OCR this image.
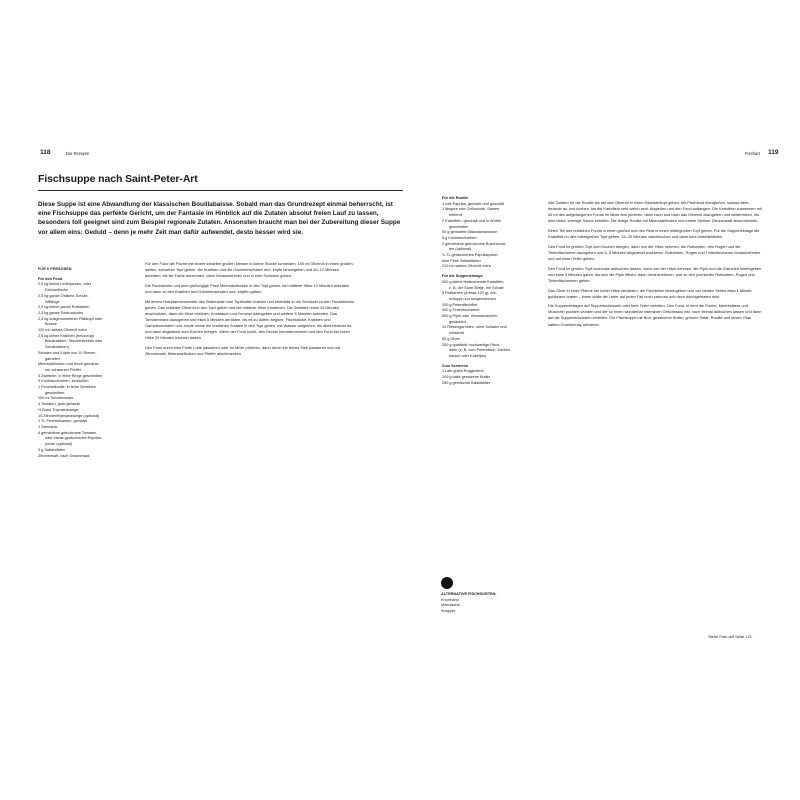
118	Die Rezepte	Fischart 119
Fischsuppe nach Saint-Peter-Art
Diese Suppe ist eine Abwandlung der klassischen Bouillabaisse. Sobald man das Grundrezept einmal beherrscht, ist eine Fischsuppe das perfekte Gericht, um der Fantasie im Hinblick auf die Zutaten absolut freien Lauf zu lassen, besonders toll geeignet sind zum Beispiel regionale Zutaten. Ansonsten braucht man bei der Zubereitung dieser Suppe vor allem eins: Geduld – denn je mehr Zeit man dafür aufwendet, desto besser wird sie.
FÜR 6 PERSONEN
Für den Fond
2,5 kg kleine Lederjacken- oder
Drückerfische
2,5 kg ganze Östliche-Schule-
Wittlinge
2,5 kg kleine ganze Rotbarben
2,5 kg ganze Seekuckucks
2,5 kg ausgenommener Plattkopf oder
Brasse
120 ml natives Olivenöl extra
2,5 kg kleine Krabben (bevorzugt
Blaukrabben, Taschenkrebse oder
Sandkrabben)
Schalen und Köpfe von 10 Riesen-
garnelen
Meersalzflocken und frisch gemahle-
ner schwarzer Pfeffer
3 Zwiebeln, in feine Ringe geschnitten
3 Knoblauchzehen, zerstoßen
1 Fenchelknolle, in feine Scheiben
geschnitten
100 ml Tomatenmark
4 Tomaten, grob gehackt
½ Bund Thymianzweige
10 Zitronenthymianzweige (optional)
1 TL Fenchelsamen, geröstet
1 Sternanis
4 gemahlene getrocknete Tomaten
oder etwas geräuchertes Paprika-
pulver (optional)
3 g Safranfäden
Zitronensaft, nach Geschmack

Für den Fond die Fische mit einem scharfen großen Messer in kleine Stücke schneiden. 100 ml Olivenöl in einen großen, weiten, schweren Topf geben, die Krabben und die Garnelenschalen und -köpfe hineingeben und 10–12 Minuten anbraten, bis sie Farbe annehmen, dann herausnehmen und in eine Schüssel geben.

Die Fischstücke und eine großzügige Prise Meersalzflocken in den Topf geben, bei mittlerer Hitze 10 Minuten anbraten und dann zu den Krabben und Garnelenschalen und -köpfen geben.

Mit einem Holzpfannenwender den Bratensatz vom Topfboden kratzen und ebenfalls in die Schüssel zu den Fischstücken geben. Das restliche Olivenöl in den Topf geben und bei mittlerer Hitze erwärmen. Die Zwiebeln etwa 10 Minuten anschwitzen, dann die Hitze erhöhen, Knoblauch und Fenchel dazugeben und weitere 5 Minuten anbraten. Das Tomatenmark dazugeben und etwa 5 Minuten anrösten, bis es zu duften beginnt. Fischstücke, Krabben und Garnelenschalen und -köpfe sowie die restlichen Zutaten in den Topf geben, mit Wasser aufgießen, bis alles bedeckt ist, und dann abgedeckt zum Kochen bringen. Wenn der Fond kocht, den Deckel herunternehmen und den Fond bei hoher Hitze 20 Minuten köcheln lassen.

Den Fond durch eine Flotte Lotte passieren oder im Mixer pürieren, dann durch ein feines Sieb passieren und mit Zitronensaft, Meersalzflocken und Pfeffer abschmecken.

Für die Rouille
1 rote Paprika, geröstet und geschält
1 längere rote Chilischote, Samen
entfernt
2 Kartoffeln, geschält und in Würfel
geschnitten
50 g geröstete Makadamianüsse
5 g Knoblauchzehen
2 gemahlene getrocknete Buschtoma-
ten (optional)
¼ TL geräuchertes Paprikapulver
eine Prise Safranfäden
210 ml natives Olivenöl extra
Für die Suppeneinlage
500 g kleine festkochende Kartoffeln,
z. B. der Sorte Bintje, mit Schale
5 Rotbarben (à etwa 120 g), ent-
schuppt und ausgenommen
200 g Petersfischfilet
400 g Tintenfischarme
500 g Pipis oder Venusmuscheln,
gesäubert
10 Riesengarnelen, ohne Schalen und
entdarmt
50 g Ghee
250 g qualitativ hochwertige Fisch-
leber (z. B. vom Petersfisch, Zacken-
barsch oder Kabeljau)
Zum Servieren
1 Laib gutes Roggenbrot
100 g kalte gesalzene Butter
250 g gemischte Salatblätter

Alle Zutaten für die Rouille bis auf das Olivenöl in einen Edelstahltopf geben, mit Fischfond übergießen, sodass alles bedeckt ist, und kochen, bis die Kartoffeln sehr weich sind. Abgießen und den Fond auffangen. Die Kartoffeln zusammen mit 40 ml des aufgefangenen Fonds im Mixer fein pürieren, dann nach und nach das Olivenöl dazugeben und weitermixen, bis eine dicke, cremige Sauce entsteht. Die fertige Rouille mit Meersalzflocken und einem Spritzer Zitronensaft abschmecken.

Einen Teil des restlichen Fonds in einen großen und den Rest in einen mittelgroßen Topf geben. Für die Suppeneinlage die Kartoffeln in den mittelgroßen Topf geben, 15–20 Minuten weichkochen und dann kurz beiseitestellen.

Den Fond im großen Topf zum Kochen bringen, dann von der Hitze nehmen, die Rotbarben, den Rogen und die Tintenfischarme dazugeben und 4–5 Minuten abgedeckt pochieren. Rotbarben, Rogen und Tintenfischarme herausnehmen und auf einen Teller geben.

Den Fond im großen Topf nochmals aufkochen lassen, dann von der Hitze nehmen, die Pipis und die Garnelen hineingeben und etwa 3 Minuten garen, bis sich die Pipis öffnen, dann herausnehmen, und zu den pochierten Rotbarben, Rogen und Tintenfischarmen geben.

Das Ghee in einer Pfanne bei hoher Hitze zerlassen, die Fischleber hineingeben und von beiden Seiten etwa 1 Minute goldbraun braten – innen sollte die Leber auf jeden Fall noch zartrosa und nicht durchgebraten sein.

Die Suppeneinlagen auf Suppenschüsseln oder tiefe Teller verteilen. Den Fond, in dem die Fische, Meeresttiere und Muscheln pochiert wurden und der so einen wunderbar intensiven Geschmack hat, noch einmal aufkochen lassen und dann auf die Suppenschüsseln verteilen. Die Fischsuppe mit Brot, gesalzener Butter, grünem Salat, Rouille und einem Glas kaltem Chardonnay servieren.

ALTERNATIVE FISCHSORTEN:
Knurrhahn
Meeräsche
Snapper
Siehe Foto auf Seite 121.
